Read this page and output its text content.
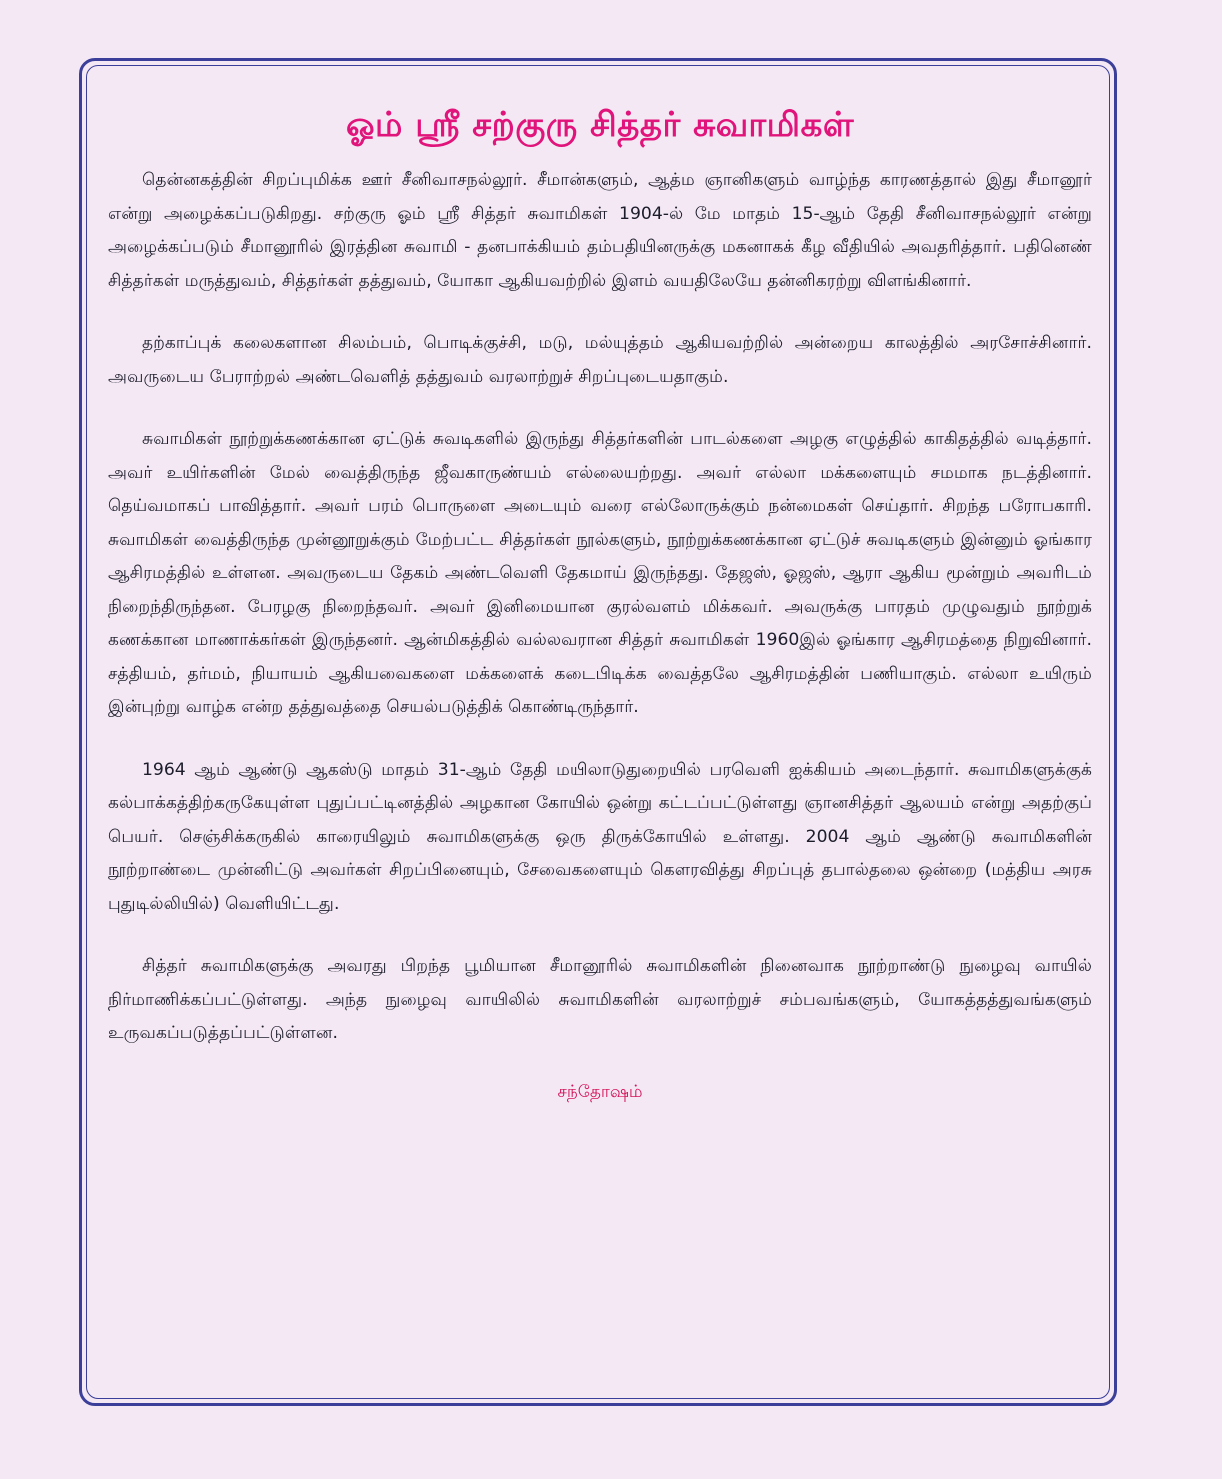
ஓம் ஸ்ரீ சற்குரு சித்தர் சுவாமிகள்

தென்னகத்தின் சிறப்புமிக்க ஊர் சீனிவாசநல்லூர். சீமான்களும், ஆத்ம ஞானிகளும் வாழ்ந்த காரணத்தால் இது சீமானூர் என்று அழைக்கப்படுகிறது. சற்குரு ஓம் ஸ்ரீ சித்தர் சுவாமிகள் 1904-ல் மே மாதம் 15-ஆம் தேதி சீனிவாசநல்லூர் என்று அழைக்கப்படும் சீமானூரில் இரத்தின சுவாமி - தனபாக்கியம் தம்பதியினருக்கு மகனாகக் கீழ வீதியில் அவதரித்தார். பதினெண் சித்தர்கள் மருத்துவம், சித்தர்கள் தத்துவம், யோகா ஆகியவற்றில் இளம் வயதிலேயே தன்னிகரற்று விளங்கினார்.

தற்காப்புக் கலைகளான சிலம்பம், பொடிக்குச்சி, மடு, மல்யுத்தம் ஆகியவற்றில் அன்றைய காலத்தில் அரசோச்சினார். அவருடைய பேராற்றல் அண்டவெளித் தத்துவம் வரலாற்றுச் சிறப்புடையதாகும்.

சுவாமிகள் நூற்றுக்கணக்கான ஏட்டுக் சுவடிகளில் இருந்து சித்தர்களின் பாடல்களை அழகு எழுத்தில் காகிதத்தில் வடித்தார். அவர் உயிர்களின் மேல் வைத்திருந்த ஜீவகாருண்யம் எல்லையற்றது. அவர் எல்லா மக்களையும் சமமாக நடத்தினார். தெய்வமாகப் பாவித்தார். அவர் பரம் பொருளை அடையும் வரை எல்லோருக்கும் நன்மைகள் செய்தார். சிறந்த பரோபகாரி. சுவாமிகள் வைத்திருந்த முன்னூறுக்கும் மேற்பட்ட சித்தர்கள் நூல்களும், நூற்றுக்கணக்கான ஏட்டுச் சுவடிகளும் இன்னும் ஓங்கார ஆசிரமத்தில் உள்ளன. அவருடைய தேகம் அண்டவெளி தேகமாய் இருந்தது. தேஜஸ், ஓஜஸ், ஆரா ஆகிய மூன்றும் அவரிடம் நிறைந்திருந்தன. பேரழகு நிறைந்தவர். அவர் இனிமையான குரல்வளம் மிக்கவர். அவருக்கு பாரதம் முழுவதும் நூற்றுக் கணக்கான மாணாக்கர்கள் இருந்தனர். ஆன்மிகத்தில் வல்லவரான சித்தர் சுவாமிகள் 1960இல் ஓங்கார ஆசிரமத்தை நிறுவினார். சத்தியம், தர்மம், நியாயம் ஆகியவைகளை மக்களைக் கடைபிடிக்க வைத்தலே ஆசிரமத்தின் பணியாகும். எல்லா உயிரும் இன்புற்று வாழ்க என்ற தத்துவத்தை செயல்படுத்திக் கொண்டிருந்தார்.

1964 ஆம் ஆண்டு ஆகஸ்டு மாதம் 31-ஆம் தேதி மயிலாடுதுறையில் பரவெளி ஐக்கியம் அடைந்தார். சுவாமிகளுக்குக் கல்பாக்கத்திற்கருகேயுள்ள புதுப்பட்டினத்தில் அழகான கோயில் ஒன்று கட்டப்பட்டுள்ளது ஞானசித்தர் ஆலயம் என்று அதற்குப் பெயர். செஞ்சிக்கருகில் காரையிலும் சுவாமிகளுக்கு ஒரு திருக்கோயில் உள்ளது. 2004 ஆம் ஆண்டு சுவாமிகளின் நூற்றாண்டை முன்னிட்டு அவர்கள் சிறப்பினையும், சேவைகளையும் கௌரவித்து சிறப்புத் தபால்தலை ஒன்றை (மத்திய அரசு புதுடில்லியில்) வெளியிட்டது.

சித்தர் சுவாமிகளுக்கு அவரது பிறந்த பூமியான சீமானூரில் சுவாமிகளின் நினைவாக நூற்றாண்டு நுழைவு வாயில் நிர்மாணிக்கப்பட்டுள்ளது. அந்த நுழைவு வாயிலில் சுவாமிகளின் வரலாற்றுச் சம்பவங்களும், யோகத்தத்துவங்களும் உருவகப்படுத்தப்பட்டுள்ளன.

சந்தோஷம்
